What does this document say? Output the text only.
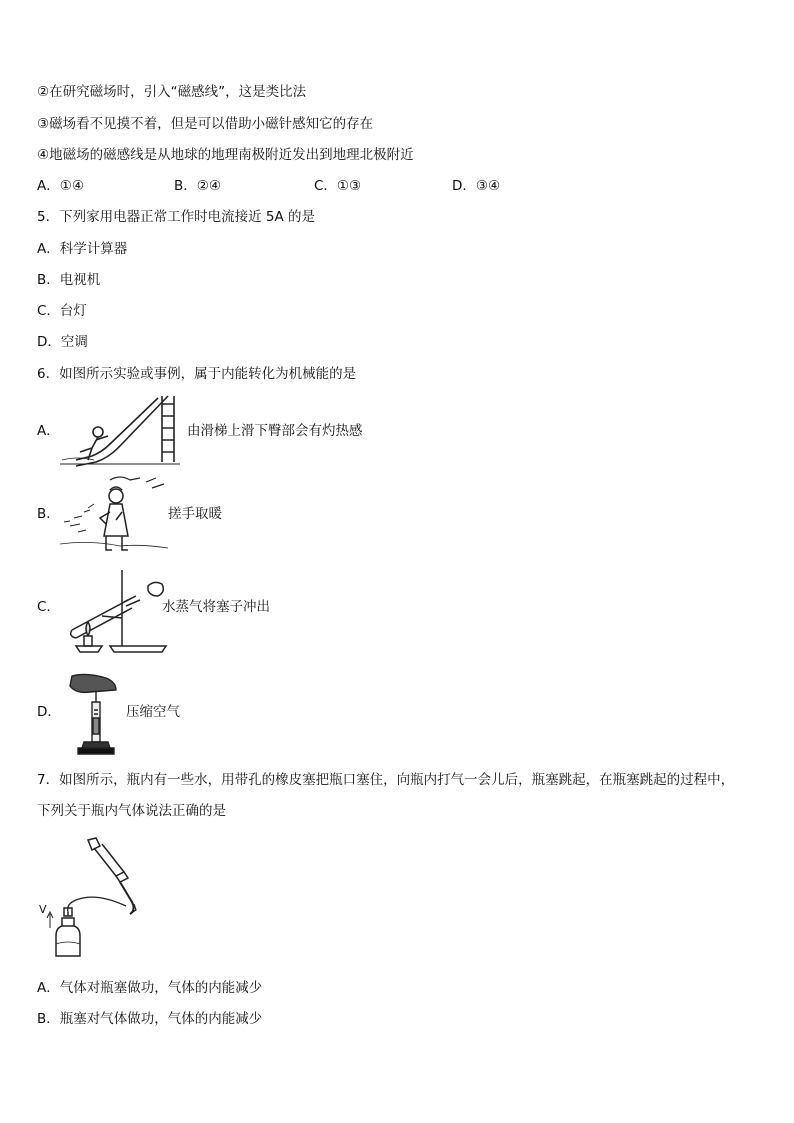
②在研究磁场时，引入“磁感线”，这是类比法
③磁场看不见摸不着，但是可以借助小磁针感知它的存在
④地磁场的磁感线是从地球的地理南极附近发出到地理北极附近
A．①④	B．②④	C．①③	D．③④
5．下列家用电器正常工作时电流接近 5A 的是
A．科学计算器
B．电视机
C．台灯
D．空调
6．如图所示实验或事例，属于内能转化为机械能的是
A．	由滑梯上滑下臀部会有灼热感
B．	搓手取暖
C．	水蒸气将塞子冲出
D．	压缩空气
7．如图所示，瓶内有一些水，用带孔的橡皮塞把瓶口塞住，向瓶内打气一会儿后，瓶塞跳起，在瓶塞跳起的过程中，
下列关于瓶内气体说法正确的是
V
A．气体对瓶塞做功，气体的内能减少
B．瓶塞对气体做功，气体的内能减少
